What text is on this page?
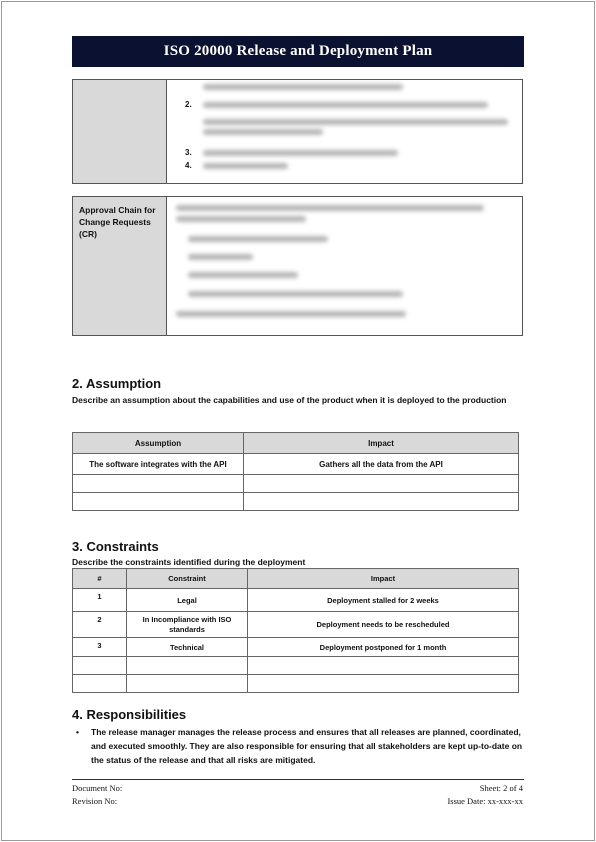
ISO 20000 Release and Deployment Plan
2.
3.
4.
Approval Chain for Change Requests (CR)
2. Assumption
Describe an assumption about the capabilities and use of the product when it is deployed to the production
Assumption	Impact
The software integrates with the API	Gathers all the data from the API

3. Constraints
Describe the constraints identified during the deployment
#	Constraint	Impact
1	Legal	Deployment stalled for 2 weeks
2	In Incompliance with ISO standards	Deployment needs to be rescheduled
3	Technical	Deployment postponed for 1 month

4. Responsibilities
• The release manager manages the release process and ensures that all releases are planned, coordinated, and executed smoothly. They are also responsible for ensuring that all stakeholders are kept up-to-date on the status of the release and that all risks are mitigated.
Document No:
Revision No:
Sheet: 2 of 4
Issue Date: xx-xxx-xx
